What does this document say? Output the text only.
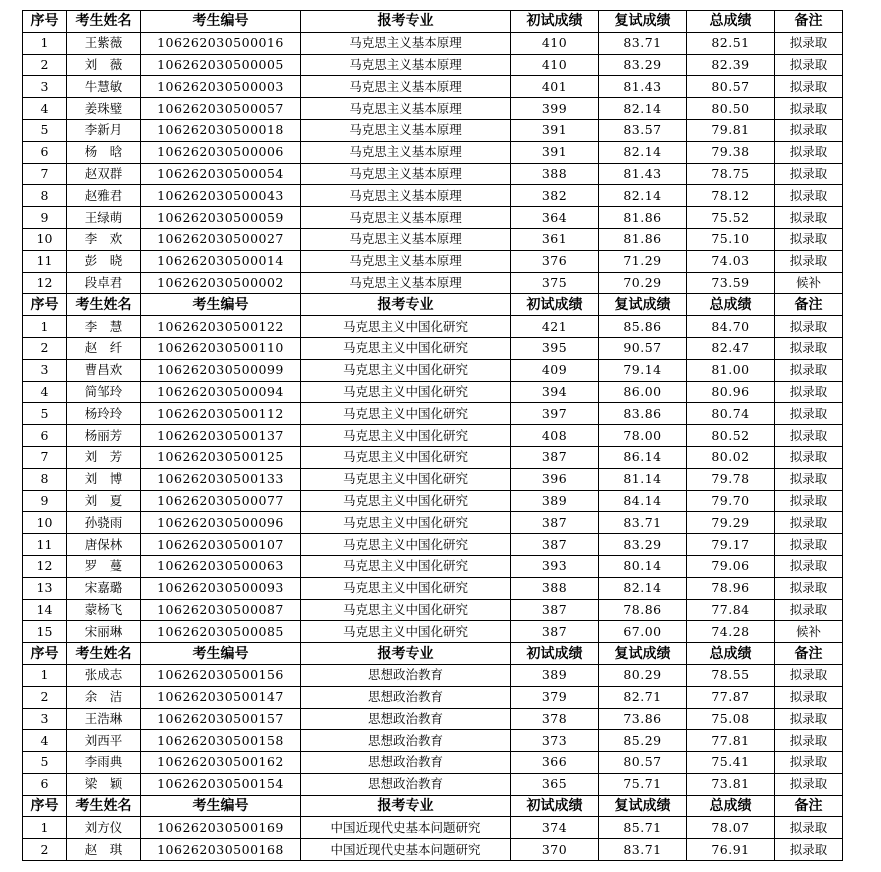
序号	考生姓名	考生编号	报考专业	初试成绩	复试成绩	总成绩	备注
1	王紫薇	106262030500016	马克思主义基本原理	410	83.71	82.51	拟录取
2	刘　薇	106262030500005	马克思主义基本原理	410	83.29	82.39	拟录取
3	牛慧敏	106262030500003	马克思主义基本原理	401	81.43	80.57	拟录取
4	姜珠璧	106262030500057	马克思主义基本原理	399	82.14	80.50	拟录取
5	李新月	106262030500018	马克思主义基本原理	391	83.57	79.81	拟录取
6	杨　晗	106262030500006	马克思主义基本原理	391	82.14	79.38	拟录取
7	赵双群	106262030500054	马克思主义基本原理	388	81.43	78.75	拟录取
8	赵雅君	106262030500043	马克思主义基本原理	382	82.14	78.12	拟录取
9	王绿萌	106262030500059	马克思主义基本原理	364	81.86	75.52	拟录取
10	李　欢	106262030500027	马克思主义基本原理	361	81.86	75.10	拟录取
11	彭　晓	106262030500014	马克思主义基本原理	376	71.29	74.03	拟录取
12	段卓君	106262030500002	马克思主义基本原理	375	70.29	73.59	候补
序号	考生姓名	考生编号	报考专业	初试成绩	复试成绩	总成绩	备注
1	李　慧	106262030500122	马克思主义中国化研究	421	85.86	84.70	拟录取
2	赵　纤	106262030500110	马克思主义中国化研究	395	90.57	82.47	拟录取
3	曹昌欢	106262030500099	马克思主义中国化研究	409	79.14	81.00	拟录取
4	简邹玲	106262030500094	马克思主义中国化研究	394	86.00	80.96	拟录取
5	杨玲玲	106262030500112	马克思主义中国化研究	397	83.86	80.74	拟录取
6	杨丽芳	106262030500137	马克思主义中国化研究	408	78.00	80.52	拟录取
7	刘　芳	106262030500125	马克思主义中国化研究	387	86.14	80.02	拟录取
8	刘　博	106262030500133	马克思主义中国化研究	396	81.14	79.78	拟录取
9	刘　夏	106262030500077	马克思主义中国化研究	389	84.14	79.70	拟录取
10	孙骁雨	106262030500096	马克思主义中国化研究	387	83.71	79.29	拟录取
11	唐保林	106262030500107	马克思主义中国化研究	387	83.29	79.17	拟录取
12	罗　蔓	106262030500063	马克思主义中国化研究	393	80.14	79.06	拟录取
13	宋嘉璐	106262030500093	马克思主义中国化研究	388	82.14	78.96	拟录取
14	蒙杨飞	106262030500087	马克思主义中国化研究	387	78.86	77.84	拟录取
15	宋丽琳	106262030500085	马克思主义中国化研究	387	67.00	74.28	候补
序号	考生姓名	考生编号	报考专业	初试成绩	复试成绩	总成绩	备注
1	张成志	106262030500156	思想政治教育	389	80.29	78.55	拟录取
2	余　洁	106262030500147	思想政治教育	379	82.71	77.87	拟录取
3	王浩琳	106262030500157	思想政治教育	378	73.86	75.08	拟录取
4	刘西平	106262030500158	思想政治教育	373	85.29	77.81	拟录取
5	李雨典	106262030500162	思想政治教育	366	80.57	75.41	拟录取
6	梁　颖	106262030500154	思想政治教育	365	75.71	73.81	拟录取
序号	考生姓名	考生编号	报考专业	初试成绩	复试成绩	总成绩	备注
1	刘方仪	106262030500169	中国近现代史基本问题研究	374	85.71	78.07	拟录取
2	赵　琪	106262030500168	中国近现代史基本问题研究	370	83.71	76.91	拟录取
